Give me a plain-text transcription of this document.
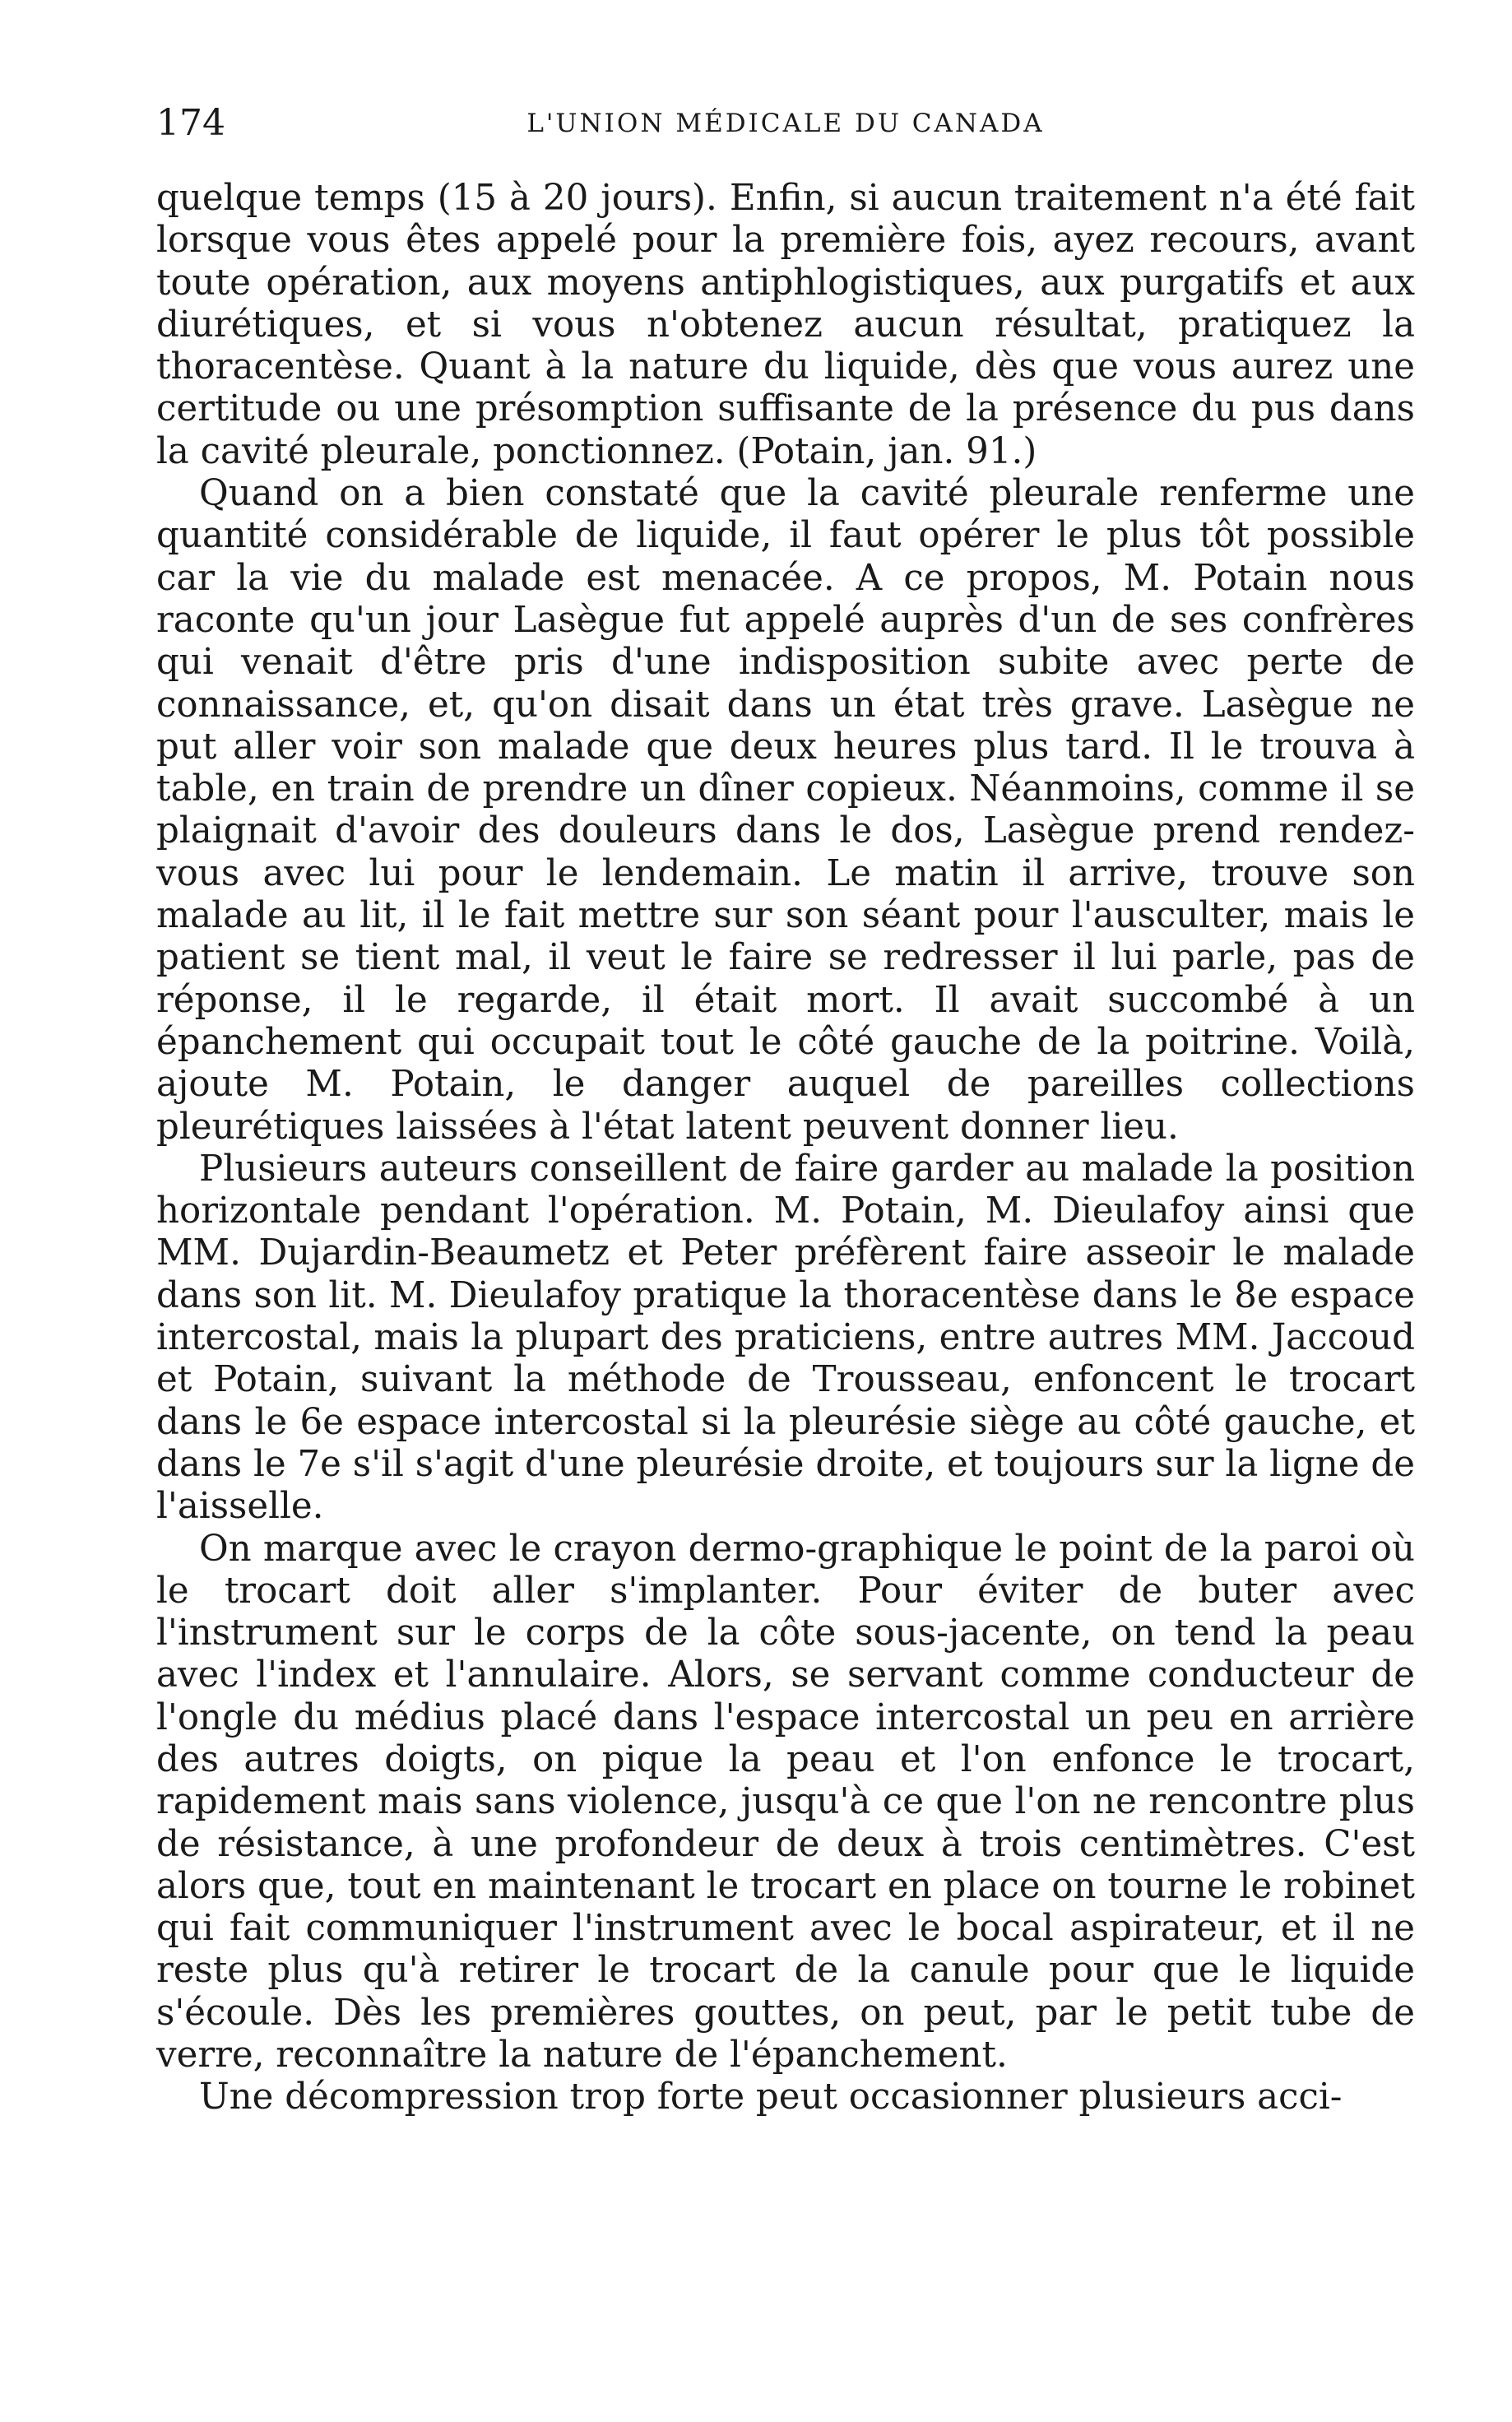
174	L'UNION MÉDICALE DU CANADA

quelque temps (15 à 20 jours). Enfin, si aucun traitement n'a été fait lorsque vous êtes appelé pour la première fois, ayez recours, avant toute opération, aux moyens antiphlogistiques, aux purgatifs et aux diurétiques, et si vous n'obtenez aucun résultat, pratiquez la thoracentèse. Quant à la nature du liquide, dès que vous aurez une certitude ou une présomption suffisante de la présence du pus dans la cavité pleurale, ponctionnez. (Potain, jan. 91.)

Quand on a bien constaté que la cavité pleurale renferme une quantité considérable de liquide, il faut opérer le plus tôt possible car la vie du malade est menacée. A ce propos, M. Potain nous raconte qu'un jour Lasègue fut appelé auprès d'un de ses confrères qui venait d'être pris d'une indisposition subite avec perte de connaissance, et, qu'on disait dans un état très grave. Lasègue ne put aller voir son malade que deux heures plus tard. Il le trouva à table, en train de prendre un dîner copieux. Néanmoins, comme il se plaignait d'avoir des douleurs dans le dos, Lasègue prend rendez-vous avec lui pour le lendemain. Le matin il arrive, trouve son malade au lit, il le fait mettre sur son séant pour l'ausculter, mais le patient se tient mal, il veut le faire se redresser il lui parle, pas de réponse, il le regarde, il était mort. Il avait succombé à un épanchement qui occupait tout le côté gauche de la poitrine. Voilà, ajoute M. Potain, le danger auquel de pareilles collections pleurétiques laissées à l'état latent peuvent donner lieu.

Plusieurs auteurs conseillent de faire garder au malade la position horizontale pendant l'opération. M. Potain, M. Dieulafoy ainsi que MM. Dujardin-Beaumetz et Peter préfèrent faire asseoir le malade dans son lit. M. Dieulafoy pratique la thoracentèse dans le 8e espace intercostal, mais la plupart des praticiens, entre autres MM. Jaccoud et Potain, suivant la méthode de Trousseau, enfoncent le trocart dans le 6e espace intercostal si la pleurésie siège au côté gauche, et dans le 7e s'il s'agit d'une pleurésie droite, et toujours sur la ligne de l'aisselle.

On marque avec le crayon dermo-graphique le point de la paroi où le trocart doit aller s'implanter. Pour éviter de buter avec l'instrument sur le corps de la côte sous-jacente, on tend la peau avec l'index et l'annulaire. Alors, se servant comme conducteur de l'ongle du médius placé dans l'espace intercostal un peu en arrière des autres doigts, on pique la peau et l'on enfonce le trocart, rapidement mais sans violence, jusqu'à ce que l'on ne rencontre plus de résistance, à une profondeur de deux à trois centimètres. C'est alors que, tout en maintenant le trocart en place on tourne le robinet qui fait communiquer l'instrument avec le bocal aspirateur, et il ne reste plus qu'à retirer le trocart de la canule pour que le liquide s'écoule. Dès les premières gouttes, on peut, par le petit tube de verre, reconnaître la nature de l'épanchement.

Une décompression trop forte peut occasionner plusieurs acci-
